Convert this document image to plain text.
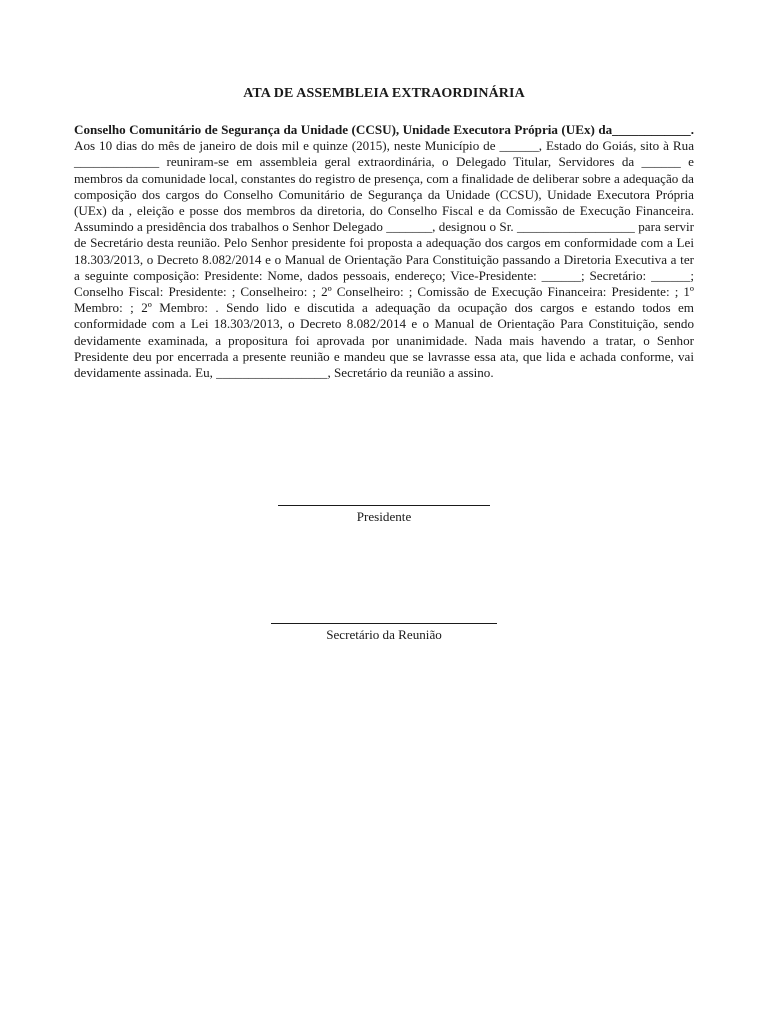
ATA DE ASSEMBLEIA EXTRAORDINÁRIA
Conselho Comunitário de Segurança da Unidade (CCSU), Unidade Executora Própria (UEx) da____________. Aos 10 dias do mês de janeiro de dois mil e quinze (2015), neste Município de ______, Estado do Goiás, sito à Rua _____________ reuniram-se em assembleia geral extraordinária, o Delegado Titular, Servidores da ______ e membros da comunidade local, constantes do registro de presença, com a finalidade de deliberar sobre a adequação da composição dos cargos do Conselho Comunitário de Segurança da Unidade (CCSU), Unidade Executora Própria (UEx) da , eleição e posse dos membros da diretoria, do Conselho Fiscal e da Comissão de Execução Financeira. Assumindo a presidência dos trabalhos o Senhor Delegado _______, designou o Sr. __________________ para servir de Secretário desta reunião. Pelo Senhor presidente foi proposta a adequação dos cargos em conformidade com a Lei 18.303/2013, o Decreto 8.082/2014 e o Manual de Orientação Para Constituição passando a Diretoria Executiva a ter a seguinte composição: Presidente: Nome, dados pessoais, endereço; Vice-Presidente: ______; Secretário: ______; Conselho Fiscal: Presidente: ; Conselheiro: ; 2º Conselheiro: ; Comissão de Execução Financeira: Presidente: ; 1º Membro: ; 2º Membro: . Sendo lido e discutida a adequação da ocupação dos cargos e estando todos em conformidade com a Lei 18.303/2013, o Decreto 8.082/2014 e o Manual de Orientação Para Constituição, sendo devidamente examinada, a propositura foi aprovada por unanimidade. Nada mais havendo a tratar, o Senhor Presidente deu por encerrada a presente reunião e mandeu que se lavrasse essa ata, que lida e achada conforme, vai devidamente assinada. Eu, _________________, Secretário da reunião a assino.
Presidente
Secretário da Reunião
